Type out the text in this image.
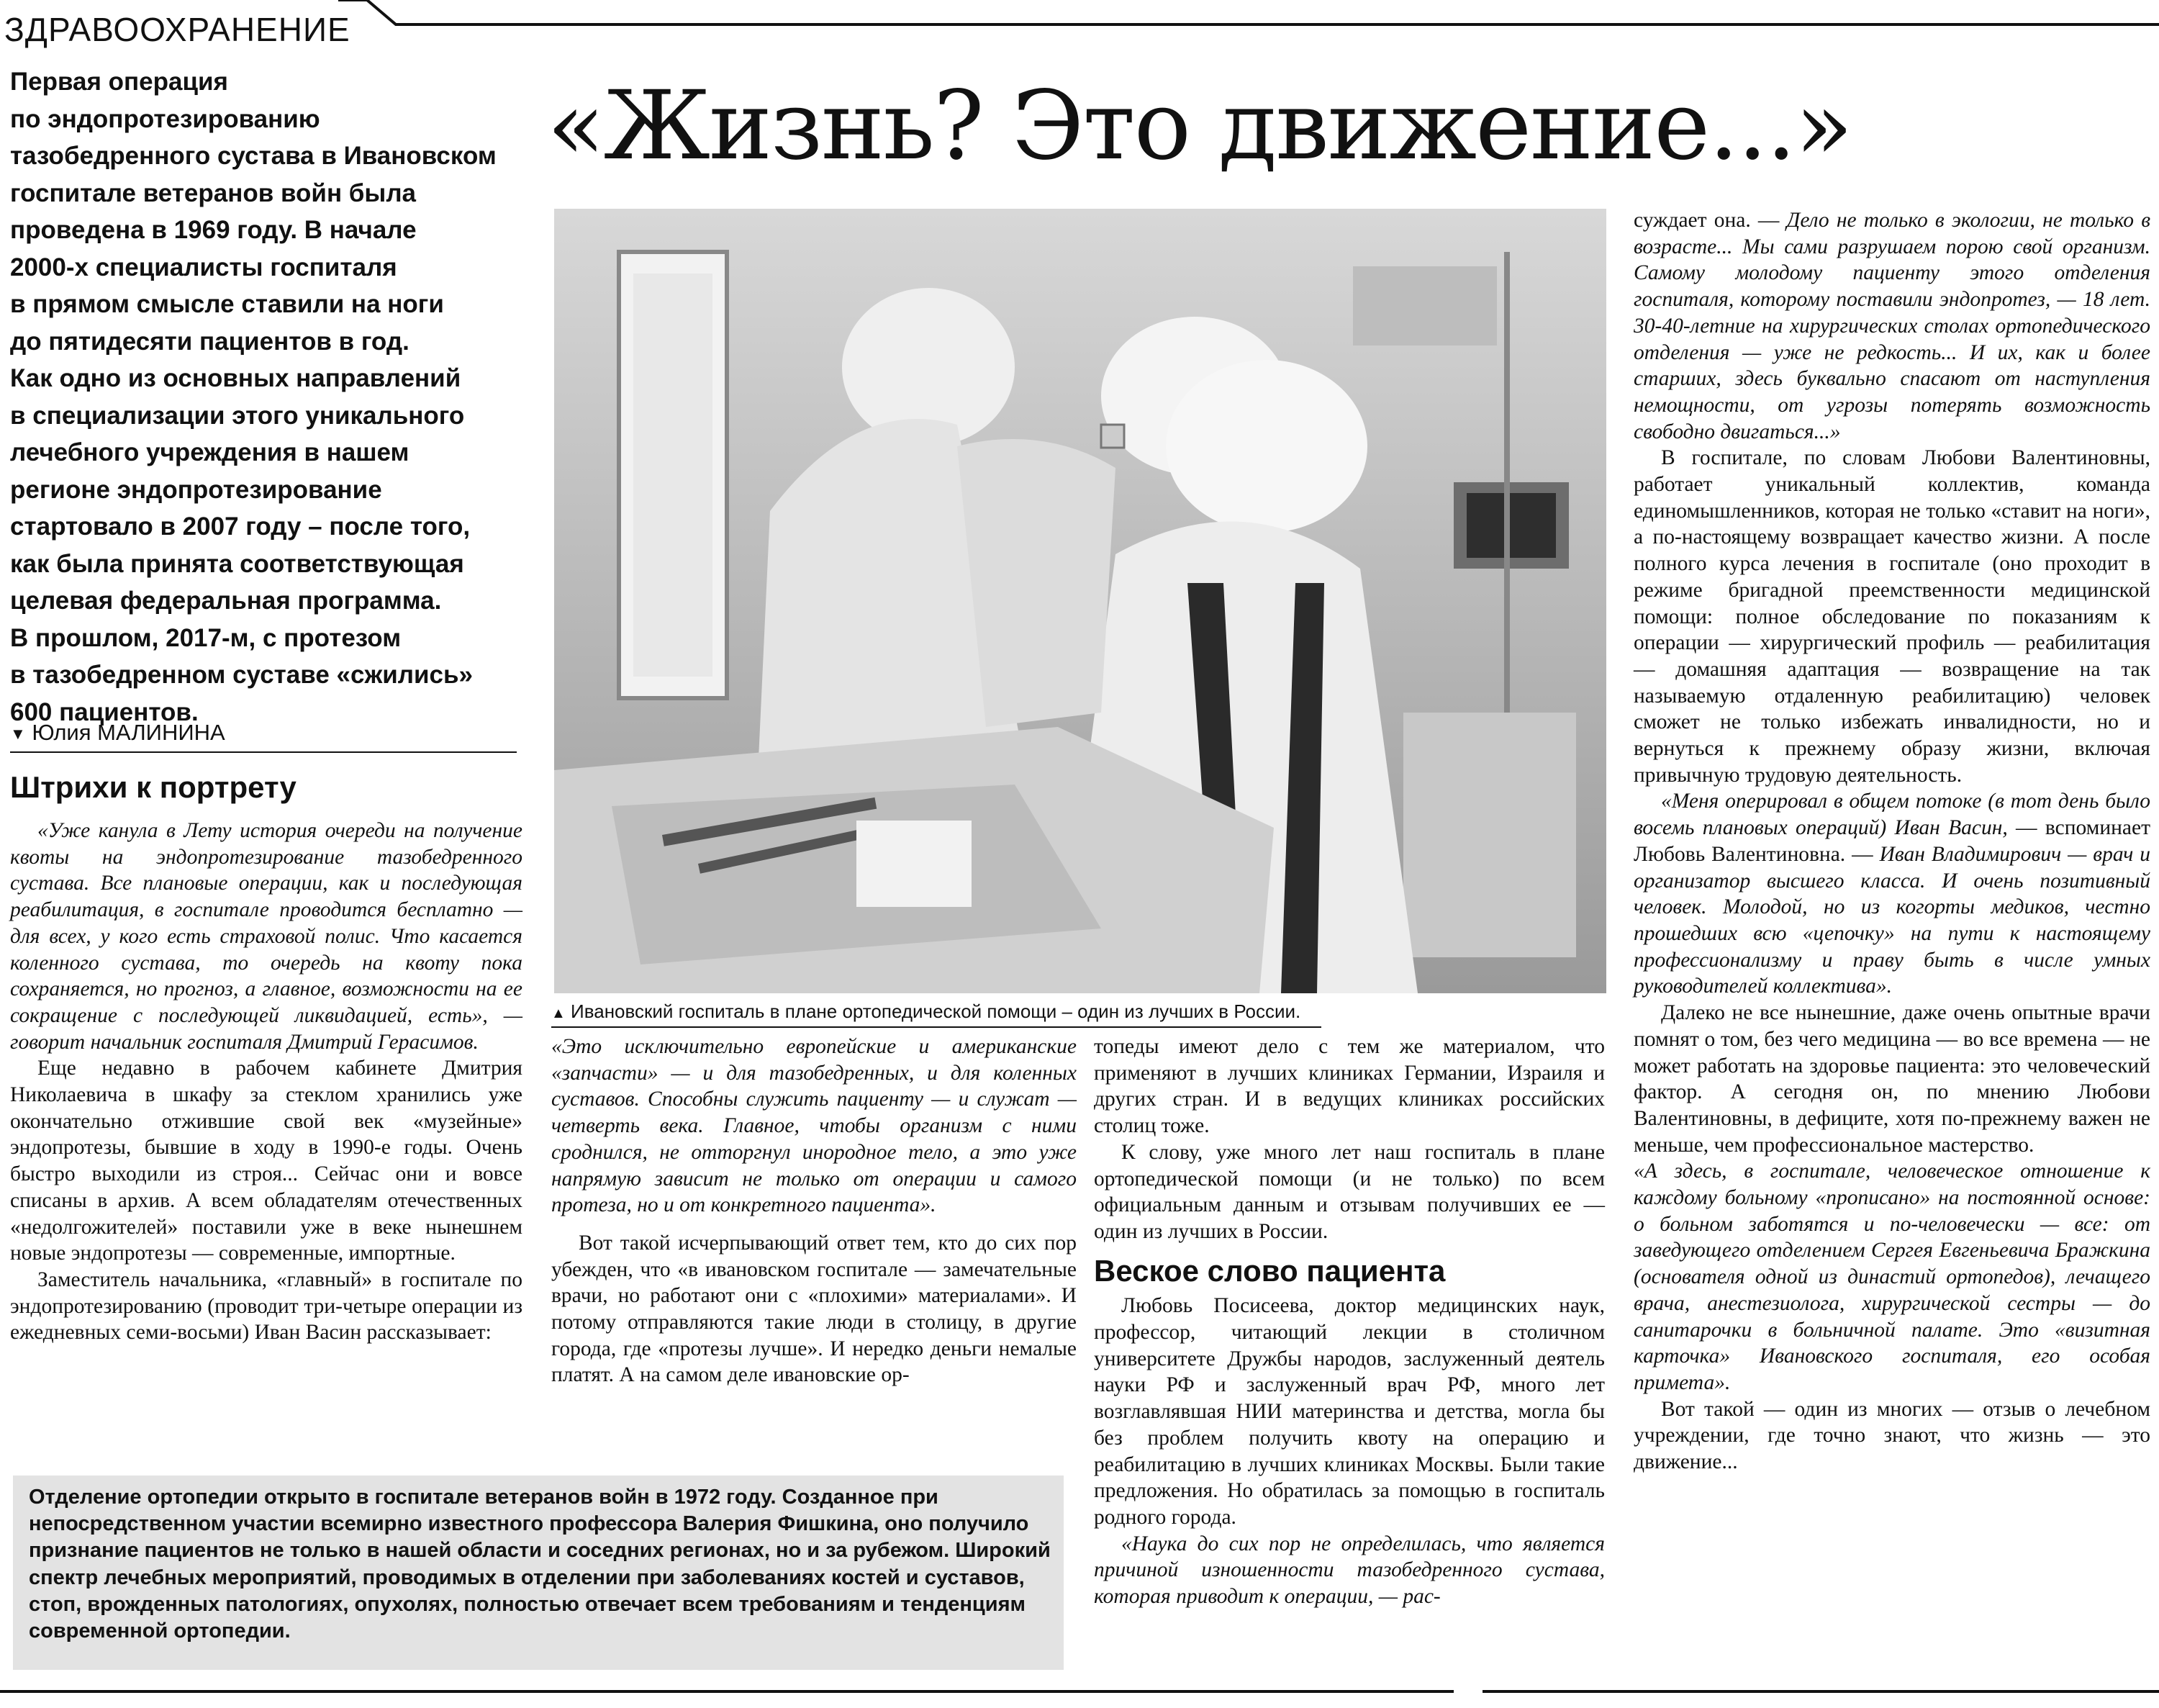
ЗДРАВООХРАНЕНИЕ
«Жизнь? Это движение...»
Первая операция
по эндопротезированию
тазобедренного сустава в Ивановском
госпитале ветеранов войн была
проведена в 1969 году. В начале
2000-х специалисты госпиталя
в прямом смысле ставили на ноги
до пятидесяти пациентов в год.
Как одно из основных направлений
в специализации этого уникального
лечебного учреждения в нашем
регионе эндопротезирование
стартовало в 2007 году – после того,
как была принята соответствующая
целевая федеральная программа.
В прошлом, 2017-м, с протезом
в тазобедренном суставе «сжились»
600 пациентов.
▼ Юлия МАЛИНИНА
Штрихи к портрету

«Уже канула в Лету история очереди на получение квоты на эндопротезирование тазобедренного сустава. Все плановые операции, как и последующая реабилитация, в госпитале проводится бесплатно — для всех, у кого есть страховой полис. Что касается коленного сустава, то очередь на квоту пока сохраняется, но прогноз, а главное, возможности на ее сокращение с последующей ликвидацией, есть», — говорит начальник госпиталя Дмитрий Герасимов.

Еще недавно в рабочем кабинете Дмитрия Николаевича в шкафу за стеклом хранились уже окончательно отжившие свой век «музейные» эндопротезы, бывшие в ходу в 1990-е годы. Очень быстро выходили из строя... Сейчас они и вовсе списаны в архив. А всем обладателям отечественных «недолгожителей» поставили уже в веке нынешнем новые эндопротезы — современные, импортные.

Заместитель начальника, «главный» в госпитале по эндопротезированию (проводит три-четыре операции из ежедневных семи-восьми) Иван Васин рассказывает:

▲ Ивановский госпиталь в плане ортопедической помощи – один из лучших в России.

«Это исключительно европейские и американские «запчасти» — и для тазобедренных, и для коленных суставов. Способны служить пациенту — и служат — четверть века. Главное, чтобы организм с ними сроднился, не отторгнул инородное тело, а это уже напрямую зависит не только от операции и самого протеза, но и от конкретного пациента».

Вот такой исчерпывающий ответ тем, кто до сих пор убежден, что «в ивановском госпитале — замечательные врачи, но работают они с «плохими» материалами». И потому отправляются такие люди в столицу, в другие города, где «протезы лучше». И нередко деньги немалые платят. А на самом деле ивановские ор-

топеды имеют дело с тем же материалом, что применяют в лучших клиниках Германии, Израиля и других стран. И в ведущих клиниках российских столиц тоже.

К слову, уже много лет наш госпиталь в плане ортопедической помощи (и не только) по всем официальным данным и отзывам получивших ее — один из лучших в России.

Веское слово пациента

Любовь Посисеева, доктор медицинских наук, профессор, читающий лекции в столичном университете Дружбы народов, заслуженный деятель науки РФ и заслуженный врач РФ, много лет возглавлявшая НИИ материнства и детства, могла бы без проблем получить квоту на операцию и реабилитацию в лучших клиниках Москвы. Были такие предложения. Но обратилась за помощью в госпиталь родного города.

«Наука до сих пор не определилась, что является причиной изношенности тазобедренного сустава, которая приводит к операции, — рас-

суждает она. — Дело не только в экологии, не только в возрасте... Мы сами разрушаем порою свой организм. Самому молодому пациенту этого отделения госпиталя, которому поставили эндопротез, — 18 лет. 30-40-летние на хирургических столах ортопедического отделения — уже не редкость... И их, как и более старших, здесь буквально спасают от наступления немощности, от угрозы потерять возможность свободно двигаться...»

В госпитале, по словам Любови Валентиновны, работает уникальный коллектив, команда единомышленников, которая не только «ставит на ноги», а по-настоящему возвращает качество жизни. А после полного курса лечения в госпитале (оно проходит в режиме бригадной преемственности медицинской помощи: полное обследование по показаниям к операции — хирургический профиль — реабилитация — домашняя адаптация — возвращение на так называемую отдаленную реабилитацию) человек сможет не только избежать инвалидности, но и вернуться к прежнему образу жизни, включая привычную трудовую деятельность.

«Меня оперировал в общем потоке (в тот день было восемь плановых операций) Иван Васин, — вспоминает Любовь Валентиновна. — Иван Владимирович — врач и организатор высшего класса. И очень позитивный человек. Молодой, но из когорты медиков, честно прошедших всю «цепочку» на пути к настоящему профессионализму и праву быть в числе умных руководителей коллектива».

Далеко не все нынешние, даже очень опытные врачи помнят о том, без чего медицина — во все времена — не может работать на здоровье пациента: это человеческий фактор. А сегодня он, по мнению Любови Валентиновны, в дефиците, хотя по-прежнему важен не меньше, чем профессиональное мастерство.

«А здесь, в госпитале, человеческое отношение к каждому больному «прописано» на постоянной основе: о больном заботятся и по-человечески — все: от заведующего отделением Сергея Евгеньевича Бражкина (основателя одной из династий ортопедов), лечащего врача, анестезиолога, хирургической сестры — до санитарочки в больничной палате. Это «визитная карточка» Ивановского госпиталя, его особая примета».

Вот такой — один из многих — отзыв о лечебном учреждении, где точно знают, что жизнь — это движение...

Отделение ортопедии открыто в госпитале ветеранов войн в 1972 году. Созданное при непосредственном участии всемирно известного профессора Валерия Фишкина, оно получило признание пациентов не только в нашей области и соседних регионах, но и за рубежом. Широкий спектр лечебных мероприятий, проводимых в отделении при заболеваниях костей и суставов, стоп, врожденных патологиях, опухолях, полностью отвечает всем требованиям и тенденциям современной ортопедии.
